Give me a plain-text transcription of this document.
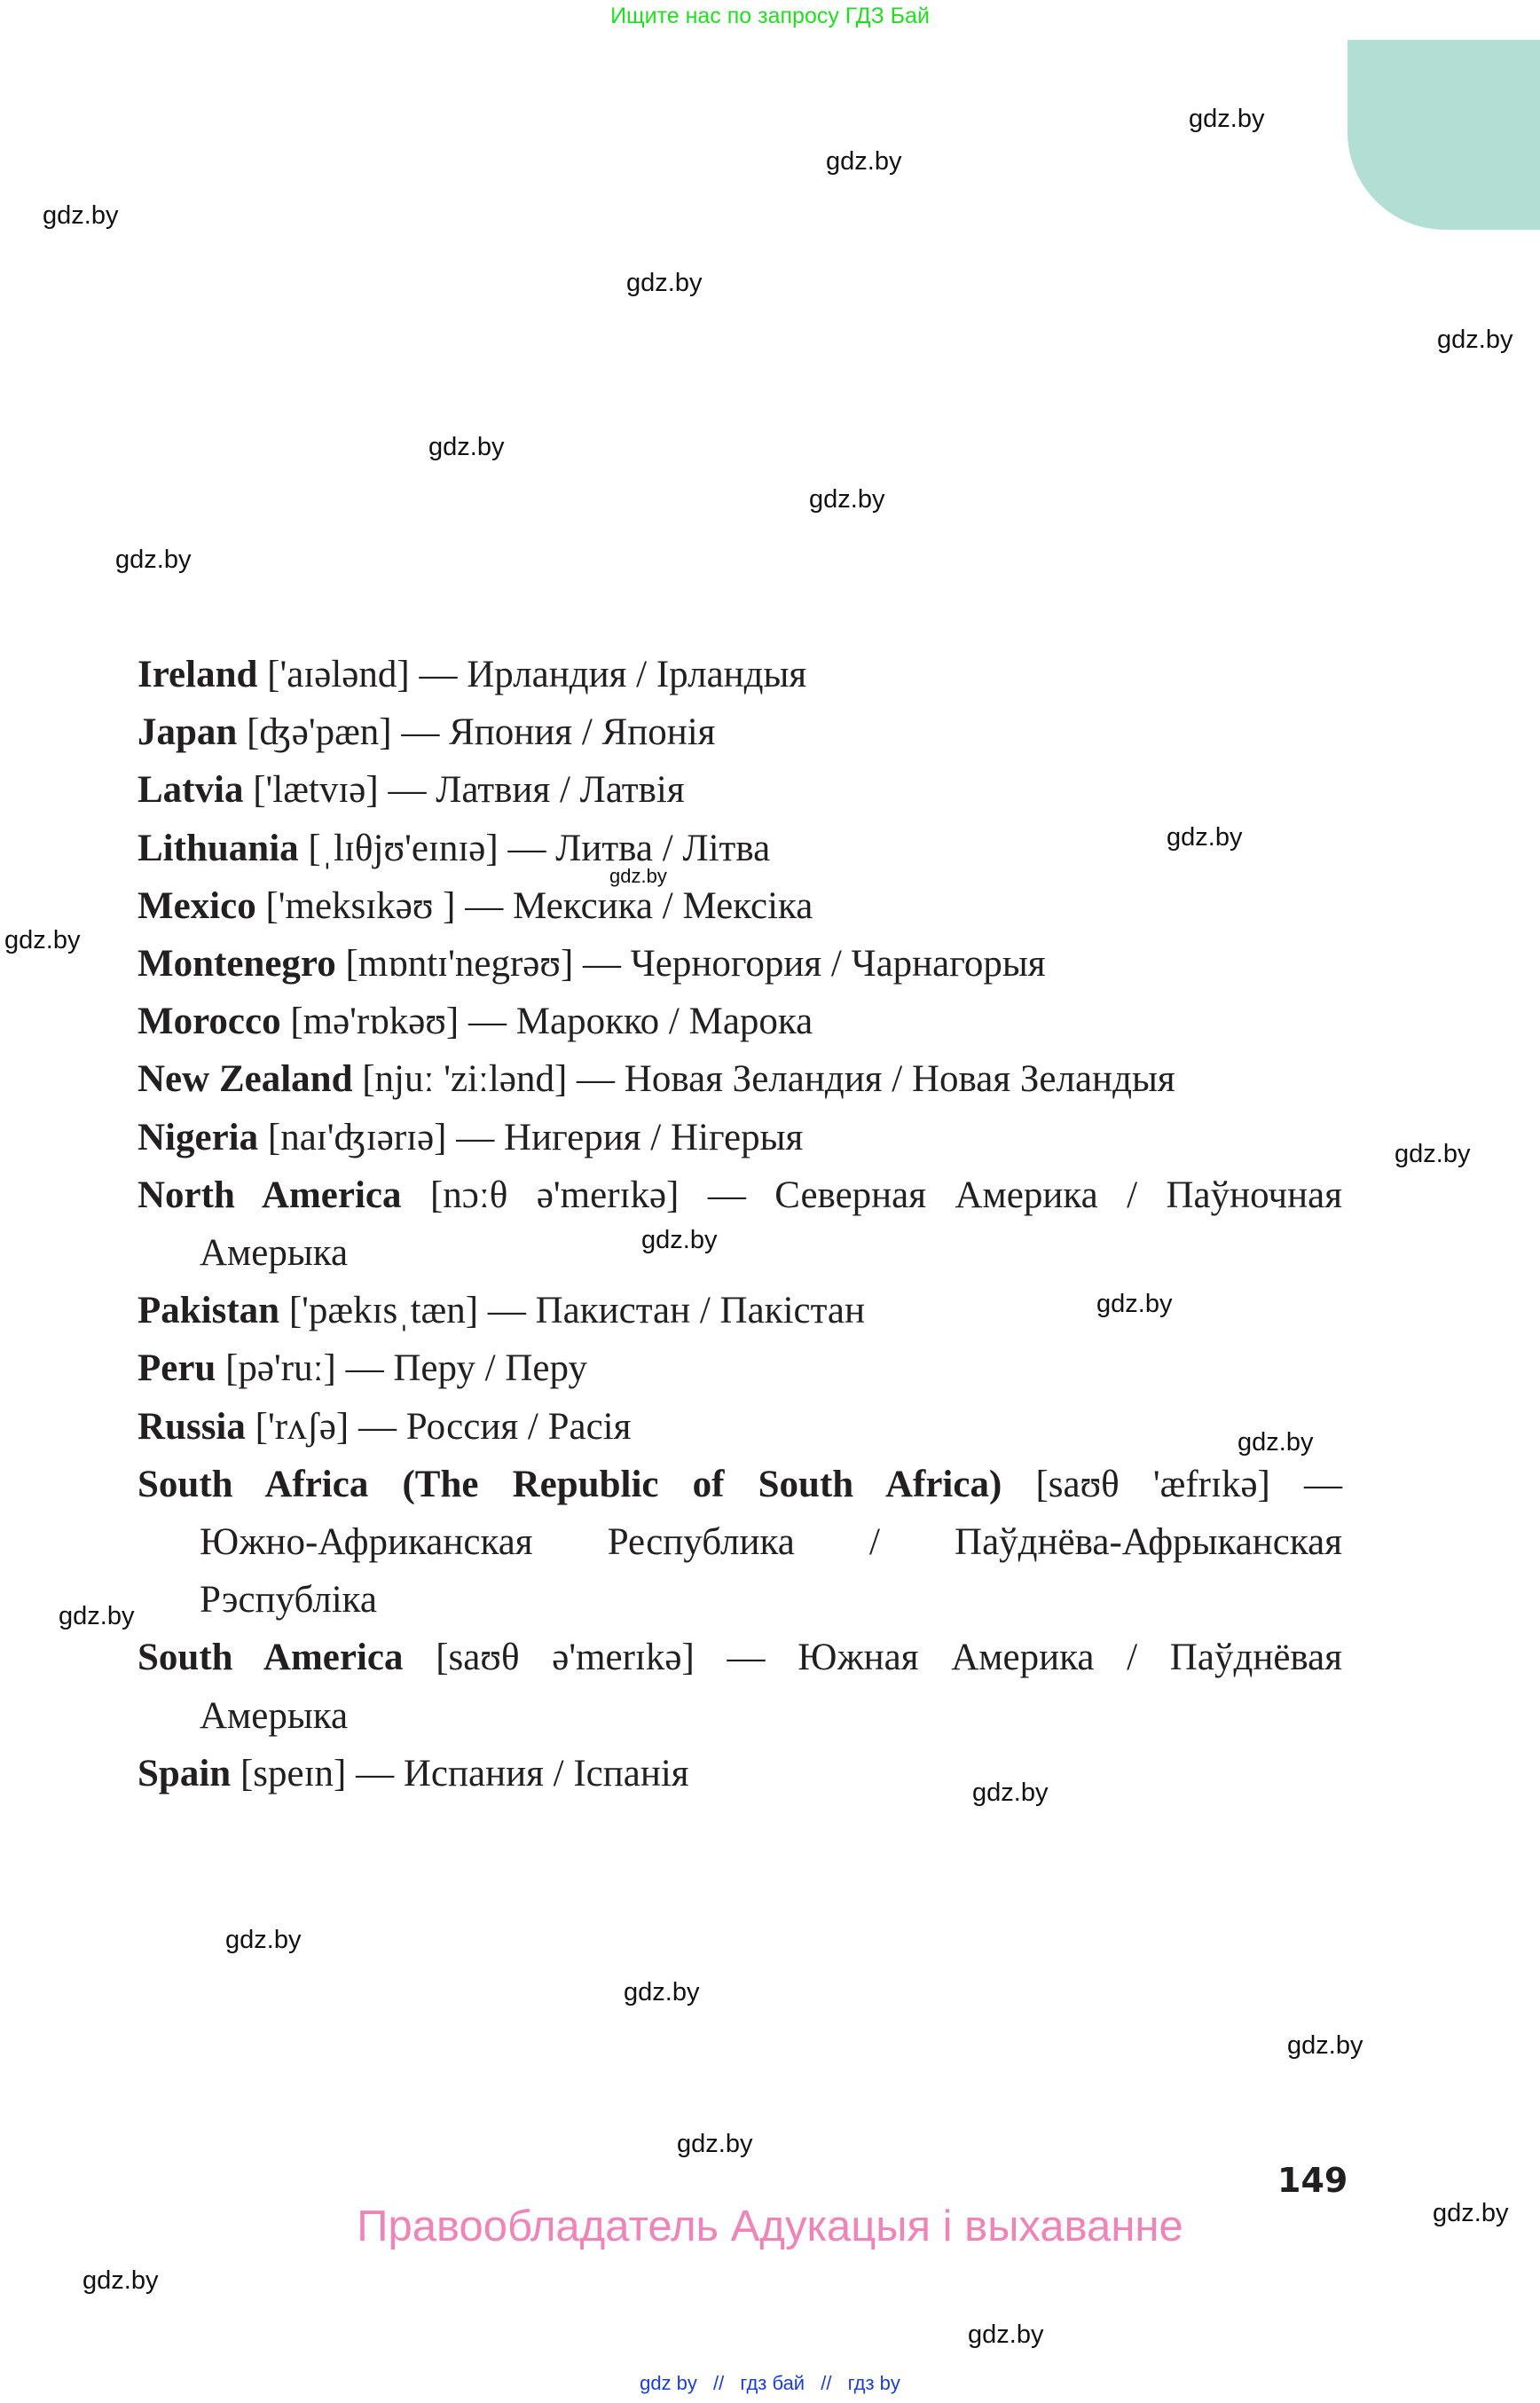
Ищите нас по запросу ГДЗ Бай
Ireland ['aɪələnd] — Ирландия / Ірландыя
Japan [ʤə'pæn] — Япония / Японія
Latvia ['lætvɪə] — Латвия / Латвія
Lithuania [ˌlɪθjʊ'eɪnɪə] — Литва / Літва
Mexico ['meksɪkəʊ ] — Мексика / Мексіка
Montenegro [mɒntɪ'negrəʊ] — Черногория / Чарнагорыя
Morocco [mə'rɒkəʊ] — Марокко / Марока
New Zealand [njuː 'ziːlənd] — Новая Зеландия / Новая Зеландыя
Nigeria [naɪ'ʤɪərɪə] — Нигерия / Нігерыя
North America [nɔːθ ə'merɪkə] — Северная Америка / Паўночная
Амерыка
Pakistan ['pækɪsˌtæn] — Пакистан / Пакістан
Peru [pə'ruː] — Перу / Перу
Russia ['rʌʃə] — Россия / Расія
South Africa (The Republic of South Africa) [saʊθ 'æfrɪkə] —
Южно-Африканская Республика / Паўднёва-Афрыканская
Рэспубліка
South America [saʊθ ə'merɪkə] — Южная Америка / Паўднёвая
Амерыка
Spain [speɪn] — Испания / Іспанія
gdz.by
gdz.by
gdz.by
gdz.by
gdz.by
gdz.by
gdz.by
gdz.by
gdz.by
gdz.by
gdz.by
gdz.by
gdz.by
gdz.by
gdz.by
gdz.by
gdz.by
gdz.by
gdz.by
gdz.by
gdz.by
gdz.by
gdz.by
gdz.by
149
Правообладатель Адукацыя і выхаванне
gdz by // гдз бай // гдз by
